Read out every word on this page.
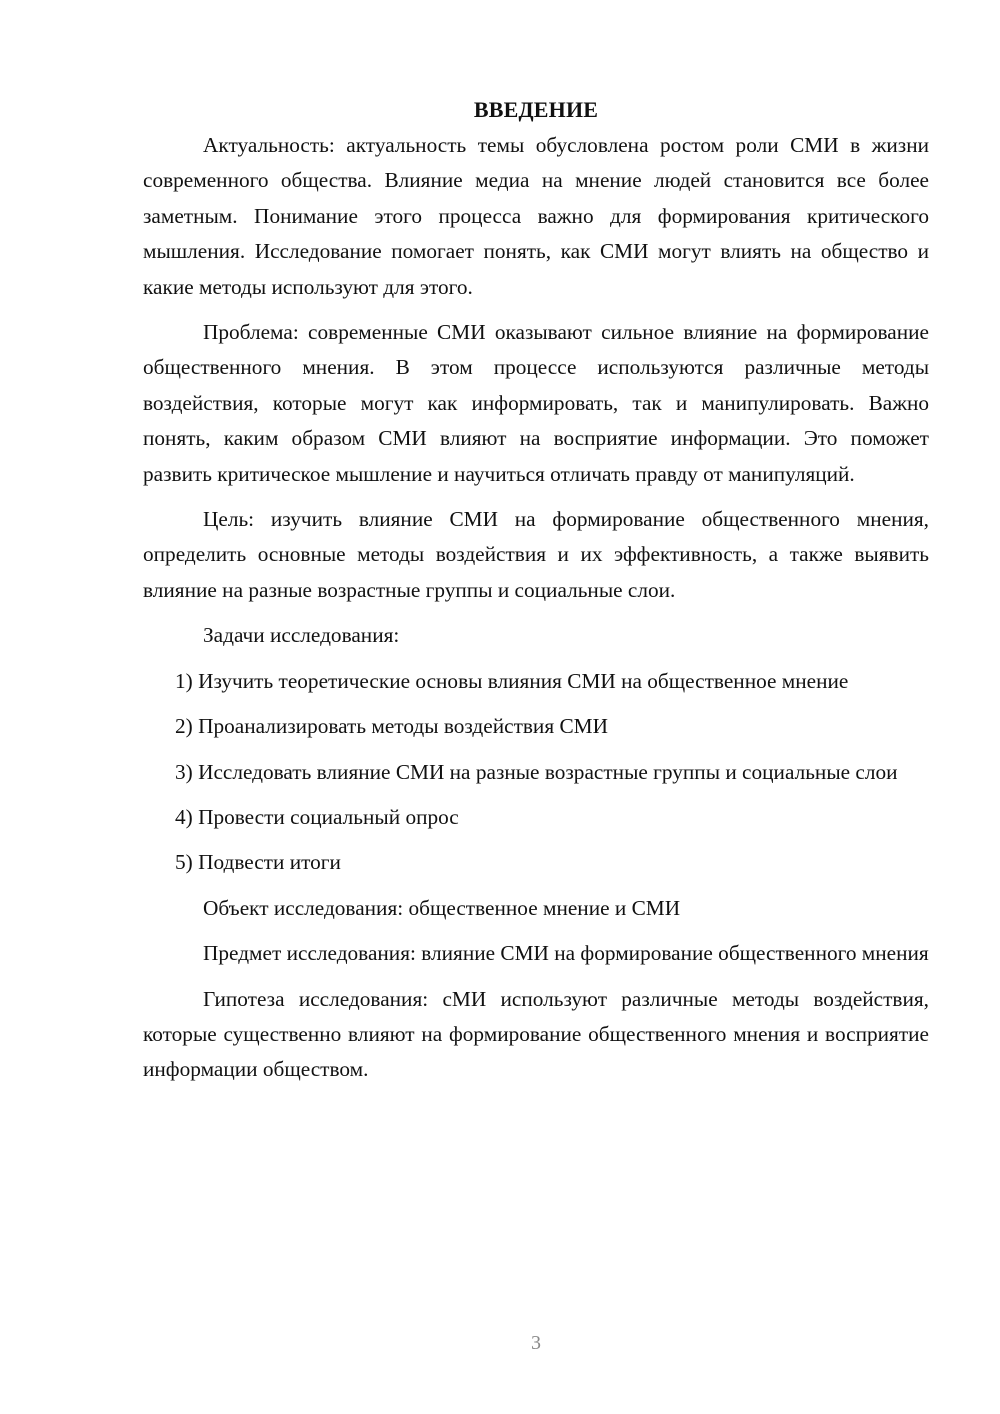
ВВЕДЕНИЕ

Актуальность: актуальность темы обусловлена ростом роли СМИ в жизни современного общества. Влияние медиа на мнение людей становится все более заметным. Понимание этого процесса важно для формирования критического мышления. Исследование помогает понять, как СМИ могут влиять на общество и какие методы используют для этого.

Проблема: современные СМИ оказывают сильное влияние на формирование общественного мнения. В этом процессе используются различные методы воздействия, которые могут как информировать, так и манипулировать. Важно понять, каким образом СМИ влияют на восприятие информации. Это поможет развить критическое мышление и научиться отличать правду от манипуляций.

Цель: изучить влияние СМИ на формирование общественного мнения, определить основные методы воздействия и их эффективность, а также выявить влияние на разные возрастные группы и социальные слои.

Задачи исследования:

1) Изучить теоретические основы влияния СМИ на общественное мнение

2) Проанализировать методы воздействия СМИ

3) Исследовать влияние СМИ на разные возрастные группы и социальные слои

4) Провести социальный опрос

5) Подвести итоги

Объект исследования: общественное мнение и СМИ

Предмет исследования: влияние СМИ на формирование общественного мнения

Гипотеза исследования: сМИ используют различные методы воздействия, которые существенно влияют на формирование общественного мнения и восприятие информации обществом.

3
